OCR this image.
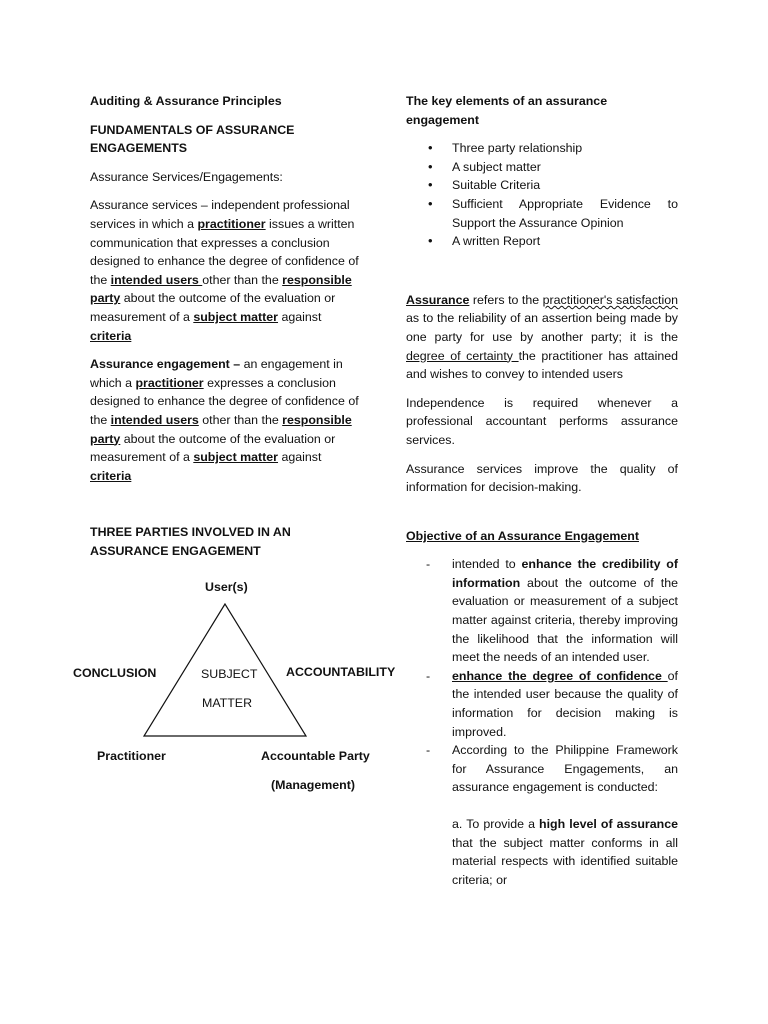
Auditing & Assurance Principles

FUNDAMENTALS OF ASSURANCE ENGAGEMENTS

Assurance Services/Engagements:

Assurance services – independent professional services in which a practitioner issues a written communication that expresses a conclusion designed to enhance the degree of confidence of the intended users other than the responsible party about the outcome of the evaluation or measurement of a subject matter against criteria

Assurance engagement – an engagement in which a practitioner expresses a conclusion designed to enhance the degree of confidence of the intended users other than the responsible party about the outcome of the evaluation or measurement of a subject matter against criteria

THREE PARTIES INVOLVED IN AN ASSURANCE ENGAGEMENT

User(s)
CONCLUSION	ACCOUNTABILITY
SUBJECT
MATTER
Practitioner	Accountable Party
(Management)

The key elements of an assurance engagement

• Three party relationship
• A subject matter
• Suitable Criteria
• Sufficient Appropriate Evidence to Support the Assurance Opinion
• A written Report

Assurance refers to the practitioner's satisfaction as to the reliability of an assertion being made by one party for use by another party; it is the degree of certainty the practitioner has attained and wishes to convey to intended users

Independence is required whenever a professional accountant performs assurance services.

Assurance services improve the quality of information for decision-making.

Objective of an Assurance Engagement

- intended to enhance the credibility of information about the outcome of the evaluation or measurement of a subject matter against criteria, thereby improving the likelihood that the information will meet the needs of an intended user.
- enhance the degree of confidence of the intended user because the quality of information for decision making is improved.
- According to the Philippine Framework for Assurance Engagements, an assurance engagement is conducted:

a. To provide a high level of assurance that the subject matter conforms in all material respects with identified suitable criteria; or
